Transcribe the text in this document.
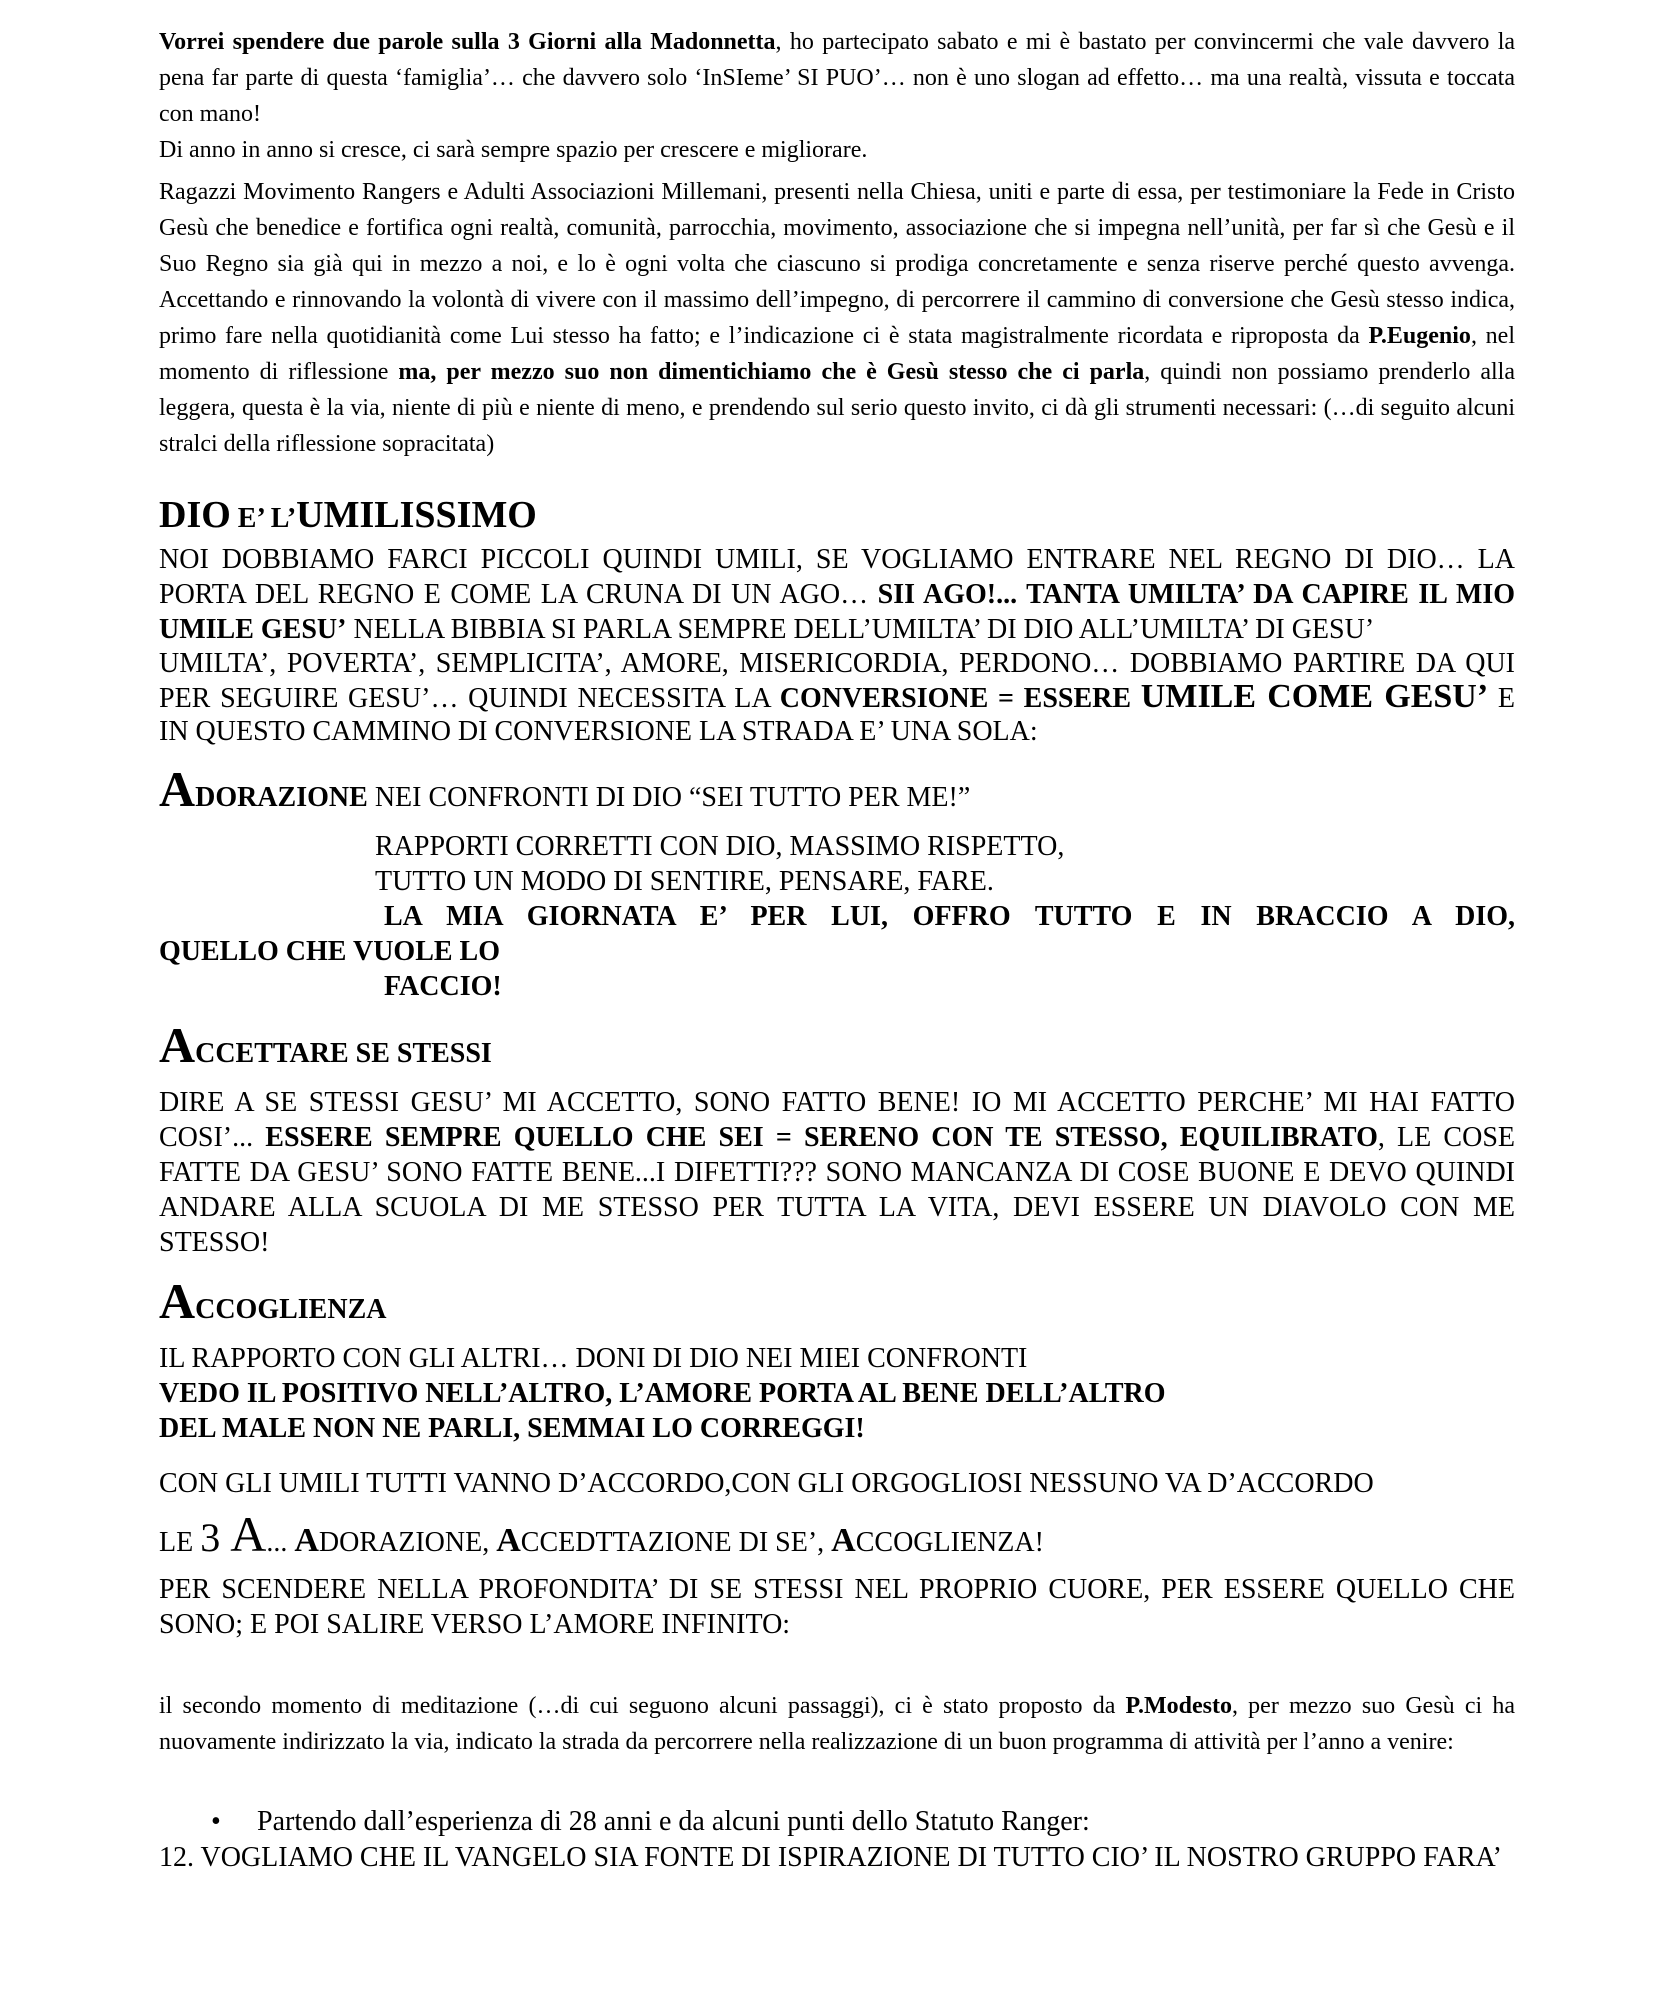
Vorrei spendere due parole sulla 3 Giorni alla Madonnetta, ho partecipato sabato e mi è bastato per convincermi che vale davvero la pena far parte di questa ‘famiglia’… che davvero solo ‘InSIeme’ SI PUO’… non è uno slogan ad effetto… ma una realtà, vissuta e toccata con mano!

Di anno in anno si cresce, ci sarà sempre spazio per crescere e migliorare.

Ragazzi Movimento Rangers e Adulti Associazioni Millemani, presenti nella Chiesa, uniti e parte di essa, per testimoniare la Fede in Cristo Gesù che benedice e fortifica ogni realtà, comunità, parrocchia, movimento, associazione che si impegna nell’unità, per far sì che Gesù e il Suo Regno sia già qui in mezzo a noi, e lo è ogni volta che ciascuno si prodiga concretamente e senza riserve perché questo avvenga. Accettando e rinnovando la volontà di vivere con il massimo dell’impegno, di percorrere il cammino di conversione che Gesù stesso indica, primo fare nella quotidianità come Lui stesso ha fatto; e l’indicazione ci è stata magistralmente ricordata e riproposta da P.Eugenio, nel momento di riflessione ma, per mezzo suo non dimentichiamo che è Gesù stesso che ci parla, quindi non possiamo prenderlo alla leggera, questa è la via, niente di più e niente di meno, e prendendo sul serio questo invito, ci dà gli strumenti necessari: (…di seguito alcuni stralci della riflessione sopracitata)

DIO E’ L’UMILISSIMO

NOI DOBBIAMO FARCI PICCOLI QUINDI UMILI, SE VOGLIAMO ENTRARE NEL REGNO DI DIO… LA PORTA DEL REGNO E COME LA CRUNA DI UN AGO… SII AGO!... TANTA UMILTA’ DA CAPIRE IL MIO UMILE GESU’ NELLA BIBBIA SI PARLA SEMPRE DELL’UMILTA’ DI DIO ALL’UMILTA’ DI GESU’

UMILTA’, POVERTA’, SEMPLICITA’, AMORE, MISERICORDIA, PERDONO… DOBBIAMO PARTIRE DA QUI PER SEGUIRE GESU’… QUINDI NECESSITA LA CONVERSIONE = ESSERE UMILE COME GESU’ E IN QUESTO CAMMINO DI CONVERSIONE LA STRADA E’ UNA SOLA:

ADORAZIONE NEI CONFRONTI DI DIO “SEI TUTTO PER ME!”

RAPPORTI CORRETTI CON DIO, MASSIMO RISPETTO,

TUTTO UN MODO DI SENTIRE, PENSARE, FARE.

LA MIA GIORNATA E’ PER LUI, OFFRO TUTTO E IN BRACCIO A DIO,

QUELLO CHE VUOLE LO

FACCIO!

ACCETTARE SE STESSI

DIRE A SE STESSI GESU’ MI ACCETTO, SONO FATTO BENE! IO MI ACCETTO PERCHE’ MI HAI FATTO COSI’... ESSERE SEMPRE QUELLO CHE SEI = SERENO CON TE STESSO, EQUILIBRATO, LE COSE FATTE DA GESU’ SONO FATTE BENE...I DIFETTI??? SONO MANCANZA DI COSE BUONE E DEVO QUINDI ANDARE ALLA SCUOLA DI ME STESSO PER TUTTA LA VITA, DEVI ESSERE UN DIAVOLO CON ME STESSO!

ACCOGLIENZA

IL RAPPORTO CON GLI ALTRI… DONI DI DIO NEI MIEI CONFRONTI

VEDO IL POSITIVO NELL’ALTRO, L’AMORE PORTA AL BENE DELL’ALTRO

DEL MALE NON NE PARLI, SEMMAI LO CORREGGI!

CON GLI UMILI TUTTI VANNO D’ACCORDO,CON GLI ORGOGLIOSI NESSUNO VA D’ACCORDO

LE 3 A... ADORAZIONE, ACCEDTTAZIONE DI SE’, ACCOGLIENZA!

PER SCENDERE NELLA PROFONDITA’ DI SE STESSI NEL PROPRIO CUORE, PER ESSERE QUELLO CHE SONO; E POI SALIRE VERSO L’AMORE INFINITO:

il secondo momento di meditazione (…di cui seguono alcuni passaggi), ci è stato proposto da P.Modesto, per mezzo suo Gesù ci ha nuovamente indirizzato la via, indicato la strada da percorrere nella realizzazione di un buon programma di attività per l’anno a venire:

• Partendo dall’esperienza di 28 anni e da alcuni punti dello Statuto Ranger:

12. VOGLIAMO CHE IL VANGELO SIA FONTE DI ISPIRAZIONE DI TUTTO CIO’ IL NOSTRO GRUPPO FARA’
